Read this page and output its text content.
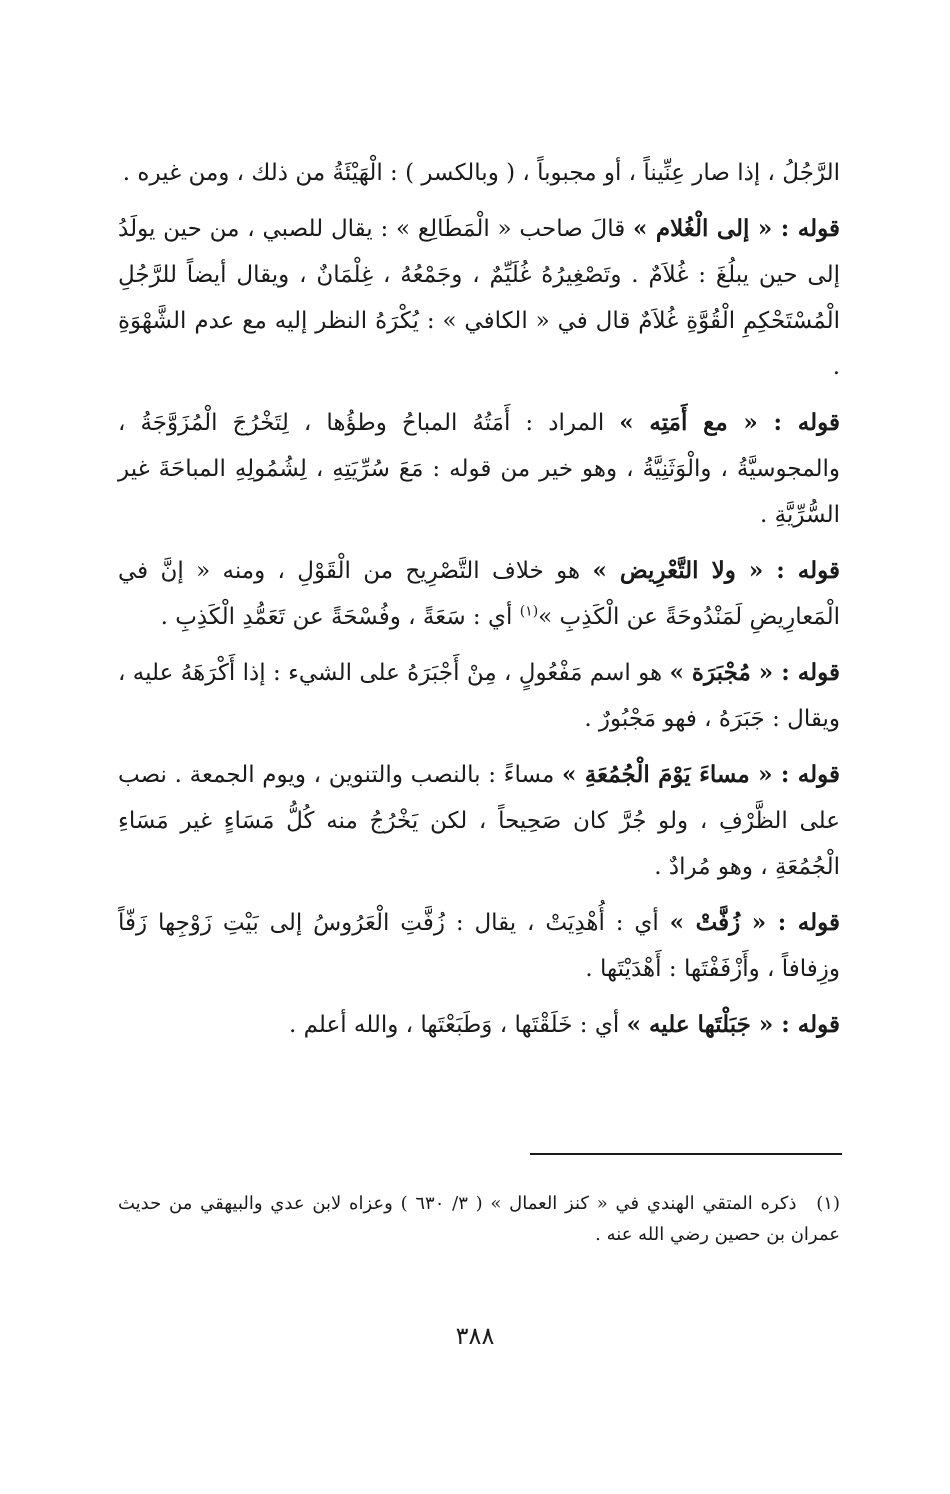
الرَّجُلُ ، إذا صار عِنِّيناً ، أو مجبوباً ، ( وبالكسر ) : الْهَيْئَةُ من ذلك ، ومن غيره .

قوله : « إلى الْغُلام » قالَ صاحب « الْمَطَالِع » : يقال للصبي ، من حين يولَدُ إلى حين يبلُغَ : غُلاَمٌ . وتَصْغِيرُهُ غُلَيِّمٌ ، وجَمْعُهُ ، غِلْمَانٌ ، ويقال أيضاً للرَّجُلِ الْمُسْتَحْكِمِ الْقُوَّةِ غُلاَمٌ قال في « الكافي » : يُكْرَهُ النظر إليه مع عدم الشَّهْوَةِ .

قوله : « مع أَمَتِه » المراد : أَمَتُهُ المباحُ وطؤُها ، لِتَخْرُجَ الْمُزَوَّجَةُ ، والمجوسيَّةُ ، والْوَثَنِيَّةُ ، وهو خير من قوله : مَعَ سُرِّيَتِهِ ، لِشُمُولِهِ المباحَةَ غير السُّرِّيَّةِ .

قوله : « ولا التَّعْرِيض » هو خلاف التَّصْرِيح من الْقَوْلِ ، ومنه « إنَّ في الْمَعارِيضِ لَمَنْدُوحَةً عن الْكَذِبِ »$^{(١)}$ أي : سَعَةً ، وفُسْحَةً عن تَعَمُّدِ الْكَذِبِ .

قوله : « مُجْبَرَة » هو اسم مَفْعُولٍ ، مِنْ أَجْبَرَهُ على الشيء : إذا أَكْرَهَهُ عليه ، ويقال : جَبَرَهُ ، فهو مَجْبُورٌ .

قوله : « مساءَ يَوْمَ الْجُمُعَةِ » مساءً : بالنصب والتنوين ، ويوم الجمعة . نصب على الظَّرْفِ ، ولو جُرَّ كان صَحِيحاً ، لكن يَخْرُجُ منه كُلُّ مَسَاءٍ غير مَسَاءِ الْجُمُعَةِ ، وهو مُرادٌ .

قوله : « زُفَّتْ » أي : أُهْدِيَتْ ، يقال : زُفَّتِ الْعَرُوسُ إلى بَيْتِ زَوْجِها زَفّاً وزِفافاً ، وأَزْفَفْتَها : أَهْدَيْتَها .

قوله : « جَبَلْتَها عليه » أي : خَلَقْتَها ، وَطَبَعْتَها ، والله أعلم .

(١) ذكره المتقي الهندي في « كنز العمال » ( ٣/ ٦٣٠ ) وعزاه لابن عدي والبيهقي من حديث عمران بن حصين رضي الله عنه .
٣٨٨
